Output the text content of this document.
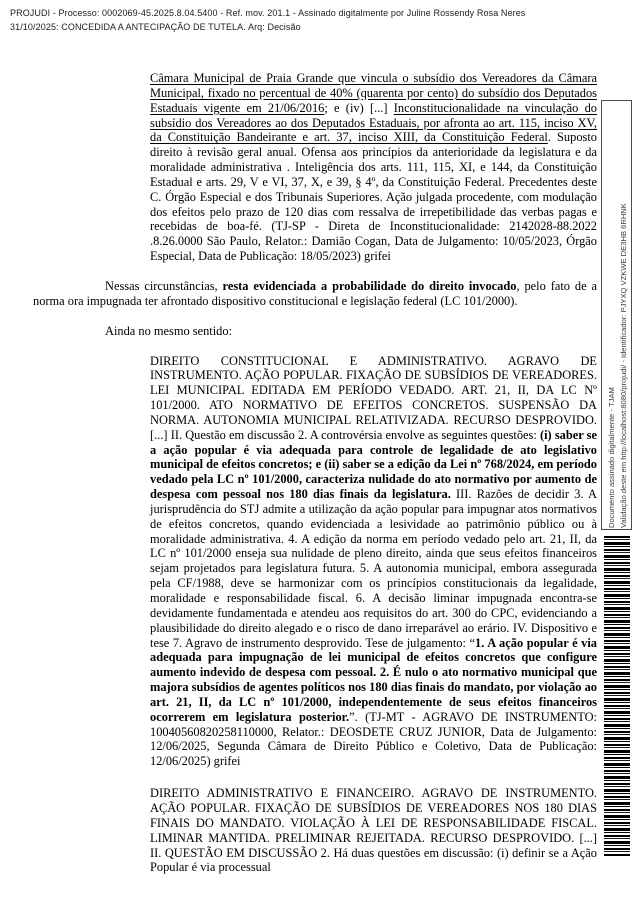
PROJUDI - Processo: 0002069-45.2025.8.04.5400 - Ref. mov. 201.1 - Assinado digitalmente por Juline Rossendy Rosa Neres
31/10/2025: CONCEDIDA A ANTECIPAÇÃO DE TUTELA. Arq: Decisão
Câmara Municipal de Praia Grande que vincula o subsídio dos Vereadores da Câmara Municipal, fixado no percentual de 40% (quarenta por cento) do subsídio dos Deputados Estaduais vigente em 21/06/2016; e (iv) [...] Inconstitucionalidade na vinculação do subsídio dos Vereadores ao dos Deputados Estaduais, por afronta ao art. 115, inciso XV, da Constituição Bandeirante e art. 37, inciso XIII, da Constituição Federal. Suposto direito à revisão geral anual. Ofensa aos princípios da anterioridade da legislatura e da moralidade administrativa . Inteligência dos arts. 111, 115, XI, e 144, da Constituição Estadual e arts. 29, V e VI, 37, X, e 39, § 4º, da Constituição Federal. Precedentes deste C. Órgão Especial e dos Tribunais Superiores. Ação julgada procedente, com modulação dos efeitos pelo prazo de 120 dias com ressalva de irrepetibilidade das verbas pagas e recebidas de boa-fé. (TJ-SP - Direta de Inconstitucionalidade: 2142028-88.2022 .8.26.0000 São Paulo, Relator.: Damião Cogan, Data de Julgamento: 10/05/2023, Órgão Especial, Data de Publicação: 18/05/2023) grifei
Nessas circunstâncias, resta evidenciada a probabilidade do direito invocado, pelo fato de a norma ora impugnada ter afrontado dispositivo constitucional e legislação federal (LC 101/2000).
Ainda no mesmo sentido:
DIREITO CONSTITUCIONAL E ADMINISTRATIVO. AGRAVO DE INSTRUMENTO. AÇÃO POPULAR. FIXAÇÃO DE SUBSÍDIOS DE VEREADORES. LEI MUNICIPAL EDITADA EM PERÍODO VEDADO. ART. 21, II, DA LC Nº 101/2000. ATO NORMATIVO DE EFEITOS CONCRETOS. SUSPENSÃO DA NORMA. AUTONOMIA MUNICIPAL RELATIVIZADA. RECURSO DESPROVIDO. [...] II. Questão em discussão 2. A controvérsia envolve as seguintes questões: (i) saber se a ação popular é via adequada para controle de legalidade de ato legislativo municipal de efeitos concretos; e (ii) saber se a edição da Lei nº 768/2024, em período vedado pela LC nº 101/2000, caracteriza nulidade do ato normativo por aumento de despesa com pessoal nos 180 dias finais da legislatura. III. Razões de decidir 3. A jurisprudência do STJ admite a utilização da ação popular para impugnar atos normativos de efeitos concretos, quando evidenciada a lesividade ao patrimônio público ou à moralidade administrativa. 4. A edição da norma em período vedado pelo art. 21, II, da LC nº 101/2000 enseja sua nulidade de pleno direito, ainda que seus efeitos financeiros sejam projetados para legislatura futura. 5. A autonomia municipal, embora assegurada pela CF/1988, deve se harmonizar com os princípios constitucionais da legalidade, moralidade e responsabilidade fiscal. 6. A decisão liminar impugnada encontra-se devidamente fundamentada e atendeu aos requisitos do art. 300 do CPC, evidenciando a plausibilidade do direito alegado e o risco de dano irreparável ao erário. IV. Dispositivo e tese 7. Agravo de instrumento desprovido. Tese de julgamento: “1. A ação popular é via adequada para impugnação de lei municipal de efeitos concretos que configure aumento indevido de despesa com pessoal. 2. É nulo o ato normativo municipal que majora subsídios de agentes políticos nos 180 dias finais do mandato, por violação ao art. 21, II, da LC nº 101/2000, independentemente de seus efeitos financeiros ocorrerem em legislatura posterior.”. (TJ-MT - AGRAVO DE INSTRUMENTO: 10040560820258110000, Relator.: DEOSDETE CRUZ JUNIOR, Data de Julgamento: 12/06/2025, Segunda Câmara de Direito Público e Coletivo, Data de Publicação: 12/06/2025) grifei
DIREITO ADMINISTRATIVO E FINANCEIRO. AGRAVO DE INSTRUMENTO. AÇÃO POPULAR. FIXAÇÃO DE SUBSÍDIOS DE VEREADORES NOS 180 DIAS FINAIS DO MANDATO. VIOLAÇÃO À LEI DE RESPONSABILIDADE FISCAL. LIMINAR MANTIDA. PRELIMINAR REJEITADA. RECURSO DESPROVIDO. [...] II. QUESTÃO EM DISCUSSÃO 2. Há duas questões em discussão: (i) definir se a Ação Popular é via processual
Documento assinado digitalmente - TJAM Validação deste em http://localhost:8080/projudi/ - Identificador: PJYXQ VZKWE DE3HB 6RHNK
